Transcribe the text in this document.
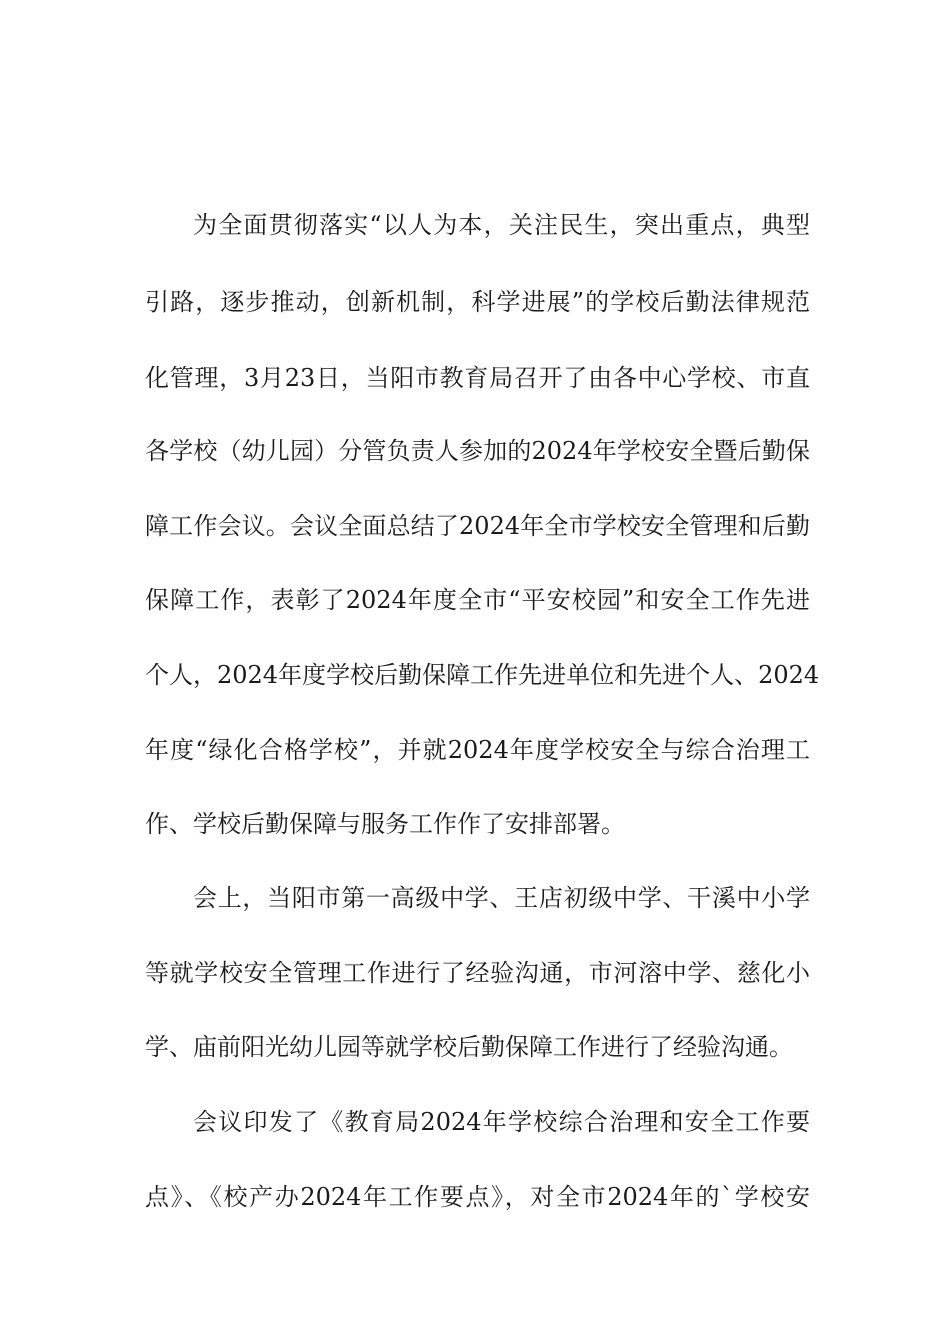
为全面贯彻落实“以人为本，关注民生，突出重点，典型
引路，逐步推动，创新机制，科学进展”的学校后勤法律规范
化管理，3月23日，当阳市教育局召开了由各中心学校、市直
各学校（幼儿园）分管负责人参加的2024年学校安全暨后勤保
障工作会议。会议全面总结了2024年全市学校安全管理和后勤
保障工作，表彰了2024年度全市“平安校园”和安全工作先进
个人，2024年度学校后勤保障工作先进单位和先进个人、2024
年度“绿化合格学校”，并就2024年度学校安全与综合治理工
作、学校后勤保障与服务工作作了安排部署。
会上，当阳市第一高级中学、王店初级中学、干溪中小学
等就学校安全管理工作进行了经验沟通，市河溶中学、慈化小
学、庙前阳光幼儿园等就学校后勤保障工作进行了经验沟通。
会议印发了《教育局2024年学校综合治理和安全工作要
点》、《校产办2024年工作要点》，对全市2024年的`学校安
